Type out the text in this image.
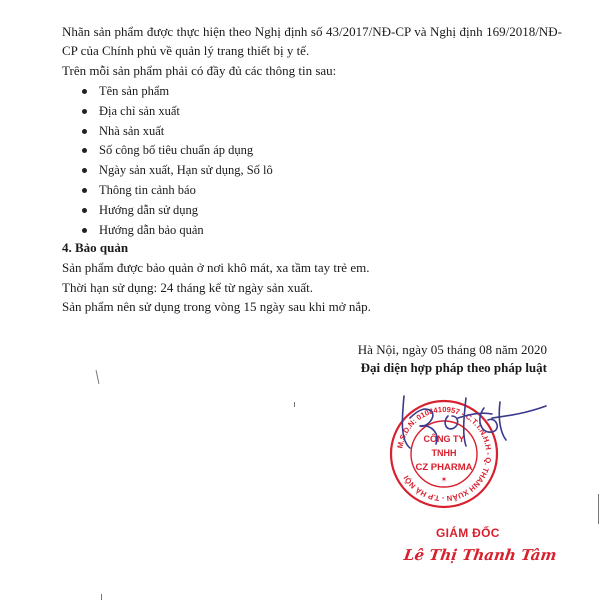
Nhãn sản phẩm được thực hiện theo Nghị định số 43/2017/NĐ-CP và Nghị định 169/2018/NĐ-CP của Chính phủ về quản lý trang thiết bị y tế.

Trên mỗi sản phẩm phải có đầy đủ các thông tin sau:

Tên sản phẩm
Địa chỉ sản xuất
Nhà sản xuất
Số công bố tiêu chuẩn áp dụng
Ngày sản xuất, Hạn sử dụng, Số lô
Thông tin cảnh báo
Hướng dẫn sử dụng
Hướng dẫn bảo quản

4. Bảo quản

Sản phẩm được bảo quản ở nơi khô mát, xa tầm tay trẻ em.
Thời hạn sử dụng: 24 tháng kể từ ngày sản xuất.
Sản phẩm nên sử dụng trong vòng 15 ngày sau khi mở nắp.

Hà Nội, ngày 05 tháng 08 năm 2020

Đại diện hợp pháp theo pháp luật

M.S.D.N: 0108410957 - C.T.T.N.H.H - Q. THANH XUÂN - T.P HÀ NỘI
CÔNG TY
TNHH
CZ PHARMA
✶

GIÁM ĐỐC

Lê Thị Thanh Tâm
